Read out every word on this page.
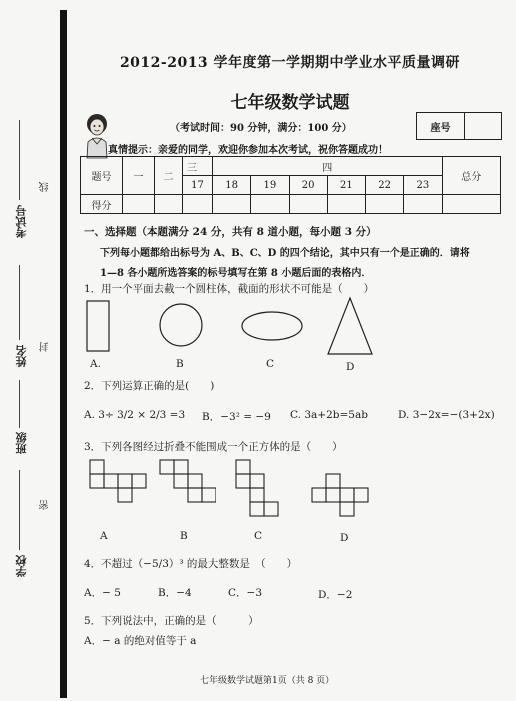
考试号
姓名
班级
学校
线
封
密
2012-2013 学年度第一学期期中学业水平质量调研
七年级数学试题
（考试时间：90 分钟，满分：100 分）	座号
真情提示：亲爱的同学，欢迎你参加本次考试，祝你答题成功！
题号	一	二	三	四						总分
			17	18	19	20	21	22	23	
得分										
一、选择题（本题满分 24 分，共有 8 道小题，每小题 3 分）
下列每小题都给出标号为 A、B、C、D 的四个结论，其中只有一个是正确的．请将
1—8 各小题所选答案的标号填写在第 8 小题后面的表格内．
1．用一个平面去截一个圆柱体，截面的形状不可能是（　　）
A.	B	C	D
2．下列运算正确的是(　　)
A. 3÷ 3/2 × 2/3 =3 B．−3² = −9 C. 3a+2b=5ab	D. 3−2x=−(3+2x)
3．下列各图经过折叠不能围成一个正方体的是（　　）
A	B	C	D
4．不超过（−5/3）³ 的最大整数是　（　　）
A．− 5	B．−4	C．−3	D．−2
5．下列说法中，正确的是（　　　）
A．− a 的绝对值等于 a
七年级数学试题第1页（共 8 页）
